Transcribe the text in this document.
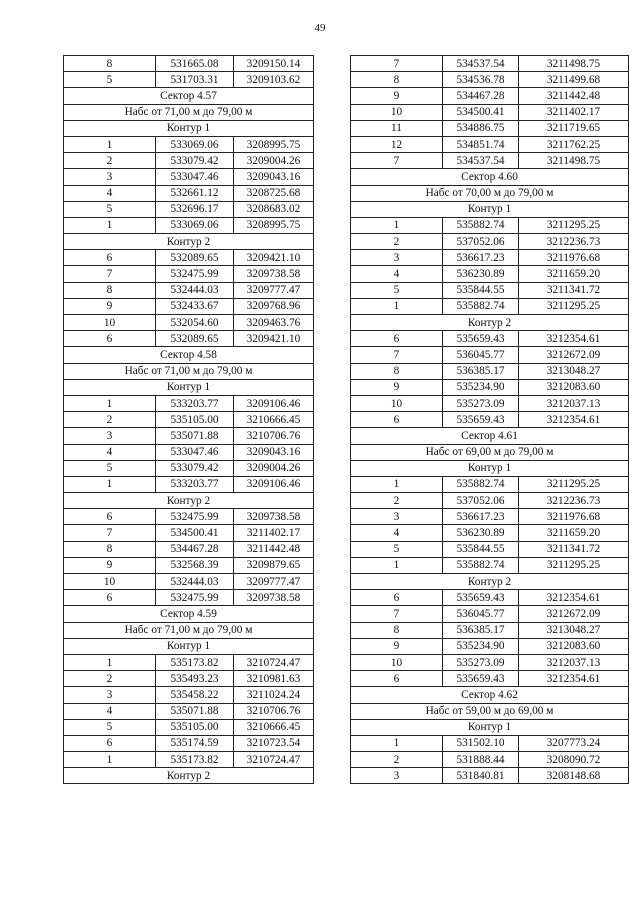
49
8	531665.08	3209150.14
5	531703.31	3209103.62
Сектор 4.57		
Набс от 71,00 м до 79,00 м		
Контур 1		
1	533069.06	3208995.75
2	533079.42	3209004.26
3	533047.46	3209043.16
4	532661.12	3208725.68
5	532696.17	3208683.02
1	533069.06	3208995.75
Контур 2		
6	532089.65	3209421.10
7	532475.99	3209738.58
8	532444.03	3209777.47
9	532433.67	3209768.96
10	532054.60	3209463.76
6	532089.65	3209421.10
Сектор 4.58		
Набс от 71,00 м до 79,00 м		
Контур 1		
1	533203.77	3209106.46
2	535105.00	3210666.45
3	535071.88	3210706.76
4	533047.46	3209043.16
5	533079.42	3209004.26
1	533203.77	3209106.46
Контур 2		
6	532475.99	3209738.58
7	534500.41	3211402.17
8	534467.28	3211442.48
9	532568.39	3209879.65
10	532444.03	3209777.47
6	532475.99	3209738.58
Сектор 4.59		
Набс от 71,00 м до 79,00 м		
Контур 1		
1	535173.82	3210724.47
2	535493.23	3210981.63
3	535458.22	3211024.24
4	535071.88	3210706.76
5	535105.00	3210666.45
6	535174.59	3210723.54
1	535173.82	3210724.47
Контур 2		
7	534537.54	3211498.75
8	534536.78	3211499.68
9	534467.28	3211442.48
10	534500.41	3211402.17
11	534886.75	3211719.65
12	534851.74	3211762.25
7	534537.54	3211498.75
Сектор 4.60		
Набс от 70,00 м до 79,00 м		
Контур 1		
1	535882.74	3211295.25
2	537052.06	3212236.73
3	536617.23	3211976.68
4	536230.89	3211659.20
5	535844.55	3211341.72
1	535882.74	3211295.25
Контур 2		
6	535659.43	3212354.61
7	536045.77	3212672.09
8	536385.17	3213048.27
9	535234.90	3212083.60
10	535273.09	3212037.13
6	535659.43	3212354.61
Сектор 4.61		
Набс от 69,00 м до 79,00 м		
Контур 1		
1	535882.74	3211295.25
2	537052.06	3212236.73
3	536617.23	3211976.68
4	536230.89	3211659.20
5	535844.55	3211341.72
1	535882.74	3211295.25
Контур 2		
6	535659.43	3212354.61
7	536045.77	3212672.09
8	536385.17	3213048.27
9	535234.90	3212083.60
10	535273.09	3212037.13
6	535659.43	3212354.61
Сектор 4.62		
Набс от 59,00 м до 69,00 м		
Контур 1		
1	531502.10	3207773.24
2	531888.44	3208090.72
3	531840.81	3208148.68
